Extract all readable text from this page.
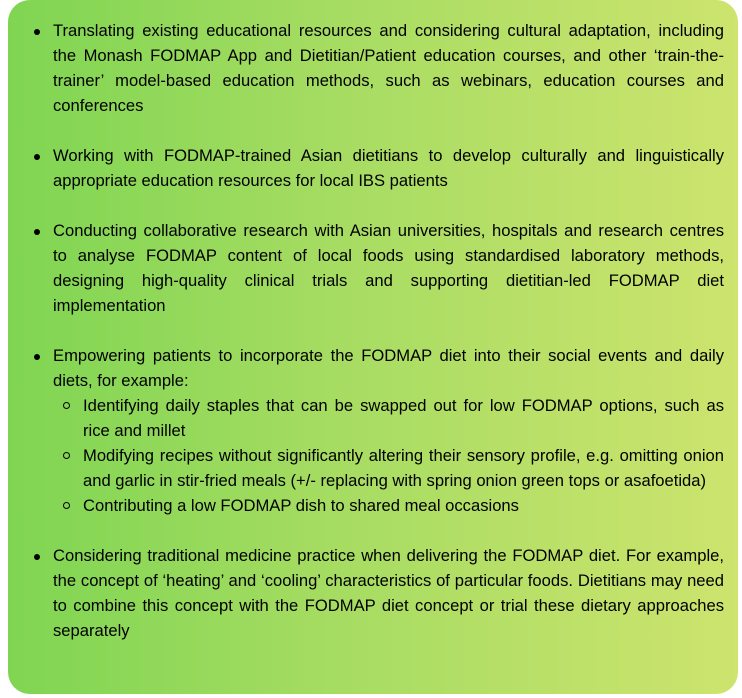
Translating existing educational resources and considering cultural adaptation, including the Monash FODMAP App and Dietitian/Patient education courses, and other ‘train-the-trainer’ model-based education methods, such as webinars, education courses and conferences
Working with FODMAP-trained Asian dietitians to develop culturally and linguistically appropriate education resources for local IBS patients
Conducting collaborative research with Asian universities, hospitals and research centres to analyse FODMAP content of local foods using standardised laboratory methods, designing high-quality clinical trials and supporting dietitian-led FODMAP diet implementation
Empowering patients to incorporate the FODMAP diet into their social events and daily diets, for example:
Identifying daily staples that can be swapped out for low FODMAP options, such as rice and millet
Modifying recipes without significantly altering their sensory profile, e.g. omitting onion and garlic in stir-fried meals (+/- replacing with spring onion green tops or asafoetida)
Contributing a low FODMAP dish to shared meal occasions
Considering traditional medicine practice when delivering the FODMAP diet. For example, the concept of ‘heating’ and ‘cooling’ characteristics of particular foods. Dietitians may need to combine this concept with the FODMAP diet concept or trial these dietary approaches separately
